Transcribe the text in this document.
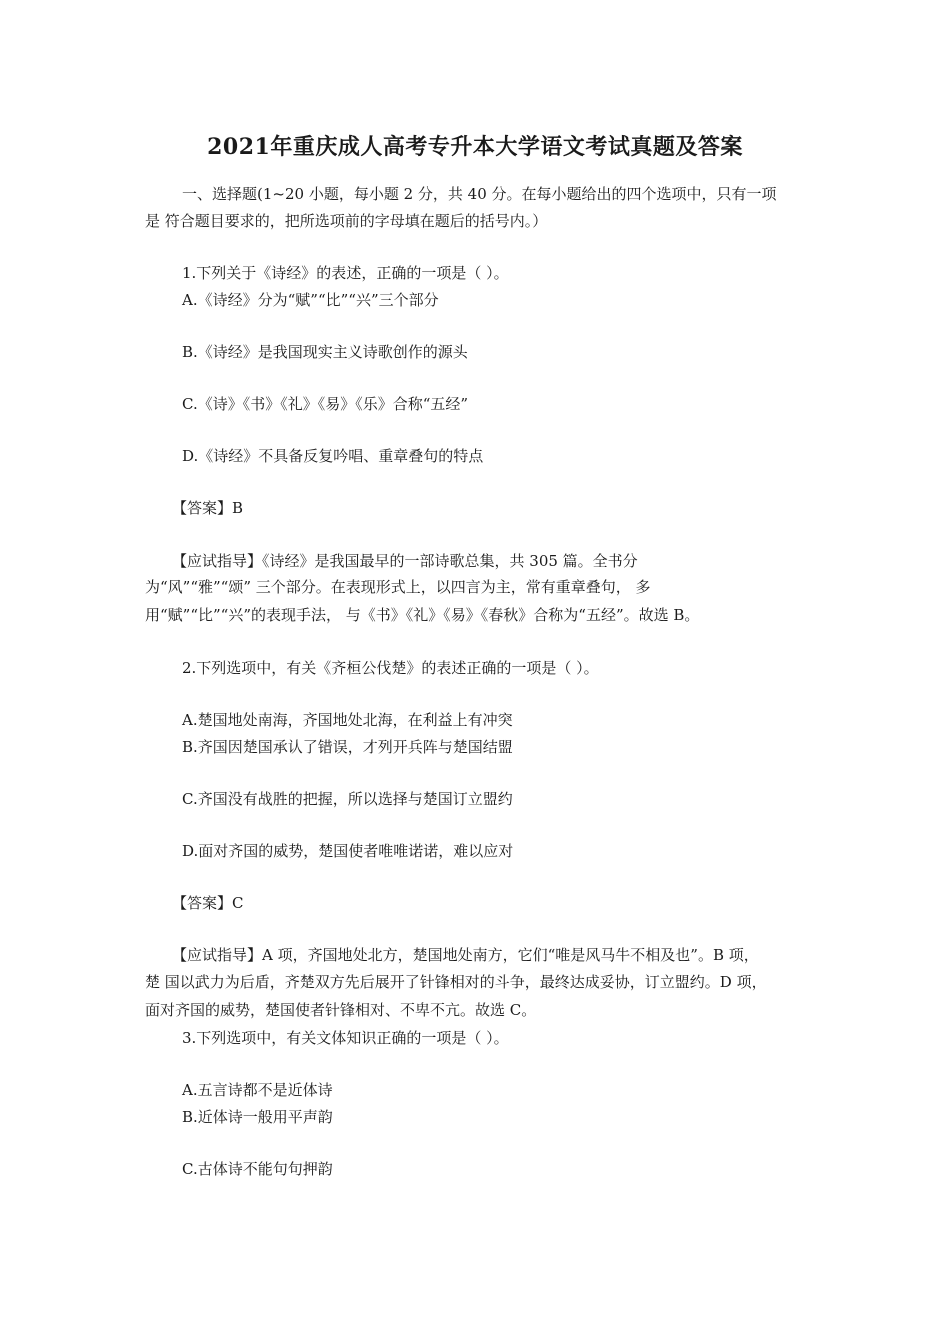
2021年重庆成人高考专升本大学语文考试真题及答案
一、选择题(1~20 小题，每小题 2 分，共 40 分。在每小题给出的四个选项中，只有一项
是 符合题目要求的，把所选项前的字母填在题后的括号内。）
1.下列关于《诗经》的表述，正确的一项是（ ）。
A.《诗经》分为“赋”“比”“兴”三个部分
B.《诗经》是我国现实主义诗歌创作的源头
C.《诗》《书》《礼》《易》《乐》合称“五经”
D.《诗经》不具备反复吟唱、重章叠句的特点
【答案】B
【应试指导】《诗经》是我国最早的一部诗歌总集，共 305 篇。全书分
为“风”“雅”“颂” 三个部分。在表现形式上，以四言为主，常有重章叠句， 多
用“赋”“比”“兴”的表现手法， 与《书》《礼》《易》《春秋》合称为“五经”。故选 B。
2.下列选项中，有关《齐桓公伐楚》的表述正确的一项是（ ）。
A.楚国地处南海，齐国地处北海，在利益上有冲突
B.齐国因楚国承认了错误，才列开兵阵与楚国结盟
C.齐国没有战胜的把握，所以选择与楚国订立盟约
D.面对齐国的威势，楚国使者唯唯诺诺，难以应对
【答案】C
【应试指导】A 项，齐国地处北方，楚国地处南方，它们“唯是风马牛不相及也”。B 项，
楚 国以武力为后盾，齐楚双方先后展开了针锋相对的斗争，最终达成妥协，订立盟约。D 项，
面对齐国的威势，楚国使者针锋相对、不卑不亢。故选 C。
3.下列选项中，有关文体知识正确的一项是（ ）。
A.五言诗都不是近体诗
B.近体诗一般用平声韵
C.古体诗不能句句押韵
